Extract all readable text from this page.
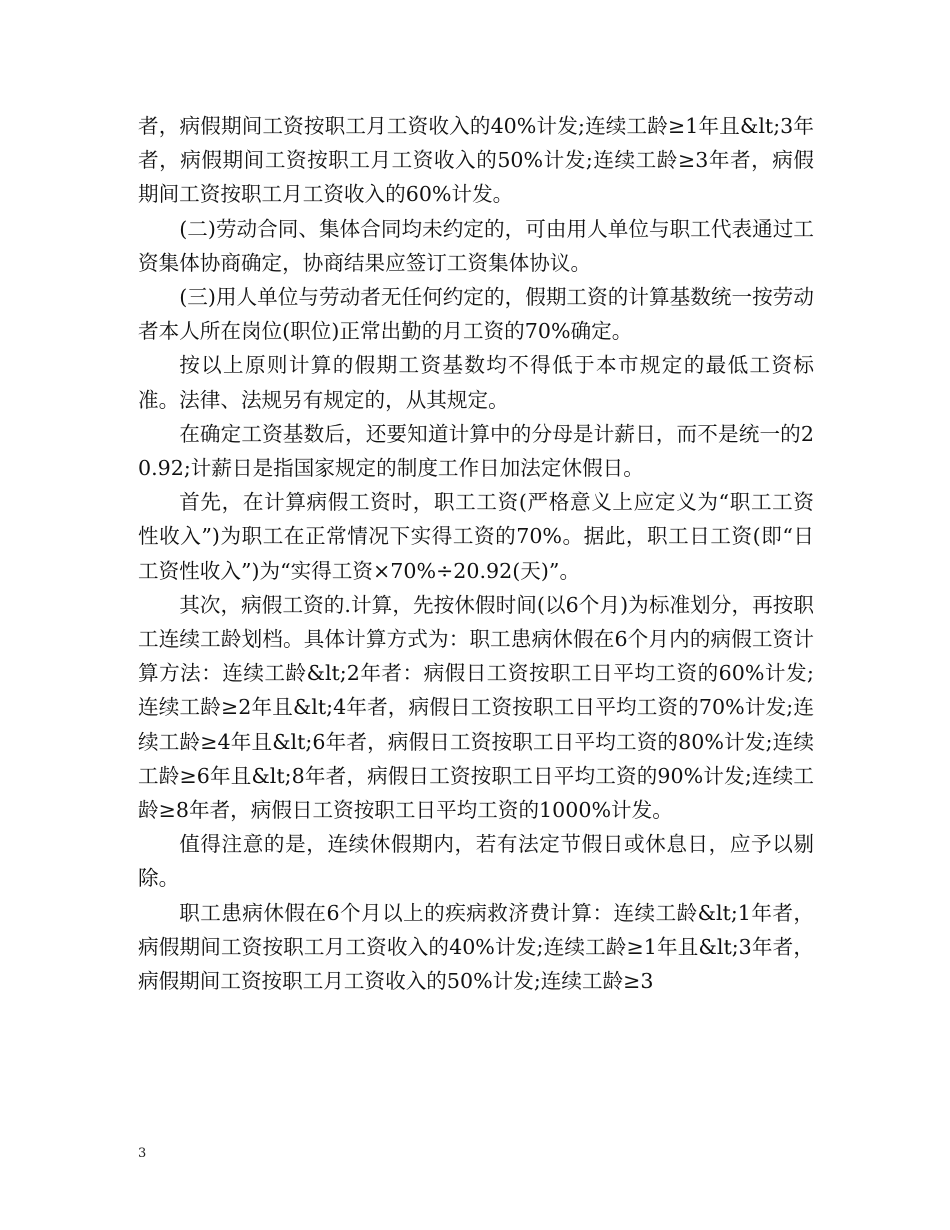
者，病假期间工资按职工月工资收入的40%计发;连续工龄≥1年且&lt;3年者，病假期间工资按职工月工资收入的50%计发;连续工龄≥3年者，病假期间工资按职工月工资收入的60%计发。

(二)劳动合同、集体合同均未约定的，可由用人单位与职工代表通过工资集体协商确定，协商结果应签订工资集体协议。

(三)用人单位与劳动者无任何约定的，假期工资的计算基数统一按劳动者本人所在岗位(职位)正常出勤的月工资的70%确定。

按以上原则计算的假期工资基数均不得低于本市规定的最低工资标准。法律、法规另有规定的，从其规定。

在确定工资基数后，还要知道计算中的分母是计薪日，而不是统一的20.92;计薪日是指国家规定的制度工作日加法定休假日。

首先，在计算病假工资时，职工工资(严格意义上应定义为“职工工资性收入”)为职工在正常情况下实得工资的70%。据此，职工日工资(即“日工资性收入”)为“实得工资×70%÷20.92(天)”。

其次，病假工资的.计算，先按休假时间(以6个月)为标准划分，再按职工连续工龄划档。具体计算方式为：职工患病休假在6个月内的病假工资计算方法：连续工龄&lt;2年者：病假日工资按职工日平均工资的60%计发;连续工龄≥2年且&lt;4年者，病假日工资按职工日平均工资的70%计发;连续工龄≥4年且&lt;6年者，病假日工资按职工日平均工资的80%计发;连续工龄≥6年且&lt;8年者，病假日工资按职工日平均工资的90%计发;连续工龄≥8年者，病假日工资按职工日平均工资的1000%计发。

值得注意的是，连续休假期内，若有法定节假日或休息日，应予以剔除。

职工患病休假在6个月以上的疾病救济费计算：连续工龄&lt;1年者，病假期间工资按职工月工资收入的40%计发;连续工龄≥1年且&lt;3年者，病假期间工资按职工月工资收入的50%计发;连续工龄≥3

3
